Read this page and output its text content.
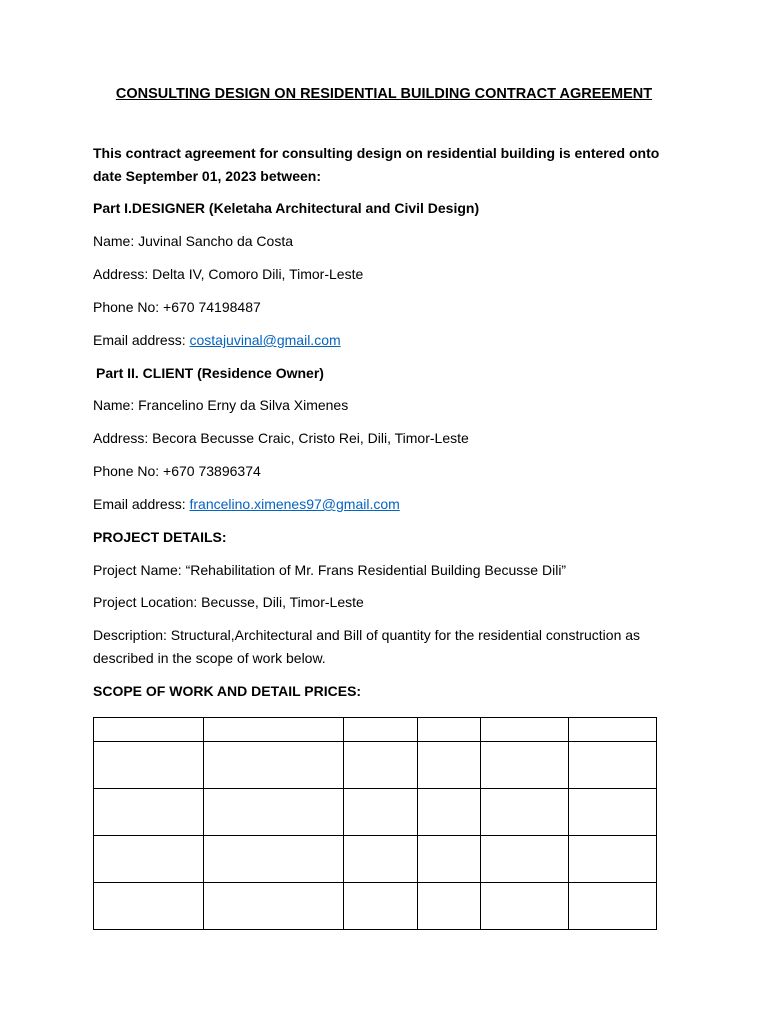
CONSULTING DESIGN ON RESIDENTIAL BUILDING CONTRACT AGREEMENT
This contract agreement for consulting design on residential building is entered onto
date September 01, 2023 between:
Part I.DESIGNER (Keletaha Architectural and Civil Design)
Name: Juvinal Sancho da Costa
Address: Delta IV, Comoro Dili, Timor-Leste
Phone No: +670 74198487
Email address: costajuvinal@gmail.com
Part II. CLIENT (Residence Owner)
Name: Francelino Erny da Silva Ximenes
Address: Becora Becusse Craic, Cristo Rei, Dili, Timor-Leste
Phone No: +670 73896374
Email address: francelino.ximenes97@gmail.com
PROJECT DETAILS:
Project Name: “Rehabilitation of Mr. Frans Residential Building Becusse Dili”
Project Location: Becusse, Dili, Timor-Leste
Description: Structural,Architectural and Bill of quantity for the residential construction as
described in the scope of work below.
SCOPE OF WORK AND DETAIL PRICES:
